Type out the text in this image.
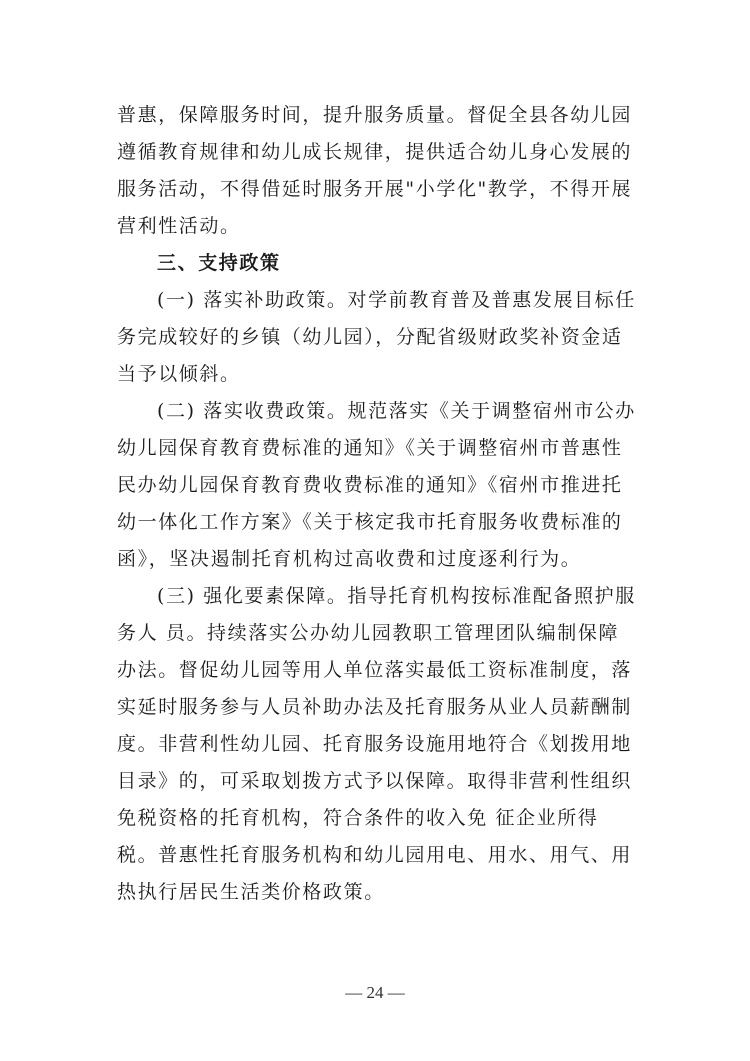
普惠，保障服务时间，提升服务质量。督促全县各幼儿园遵循教育规律和幼儿成长规律，提供适合幼儿身心发展的服务活动，不得借延时服务开展"小学化"教学，不得开展营利性活动。

三、支持政策

(一) 落实补助政策。对学前教育普及普惠发展目标任务完成较好的乡镇（幼儿园），分配省级财政奖补资金适当予以倾斜。

(二) 落实收费政策。规范落实《关于调整宿州市公办幼儿园保育教育费标准的通知》《关于调整宿州市普惠性民办幼儿园保育教育费收费标准的通知》《宿州市推进托幼一体化工作方案》《关于核定我市托育服务收费标准的函》，坚决遏制托育机构过高收费和过度逐利行为。

(三) 强化要素保障。指导托育机构按标准配备照护服务人 员。持续落实公办幼儿园教职工管理团队编制保障办法。督促幼儿园等用人单位落实最低工资标准制度，落实延时服务参与人员补助办法及托育服务从业人员薪酬制度。非营利性幼儿园、托育服务设施用地符合《划拨用地目录》的，可采取划拨方式予以保障。取得非营利性组织免税资格的托育机构，符合条件的收入免 征企业所得税。普惠性托育服务机构和幼儿园用电、用水、用气、用热执行居民生活类价格政策。

— 24 —
